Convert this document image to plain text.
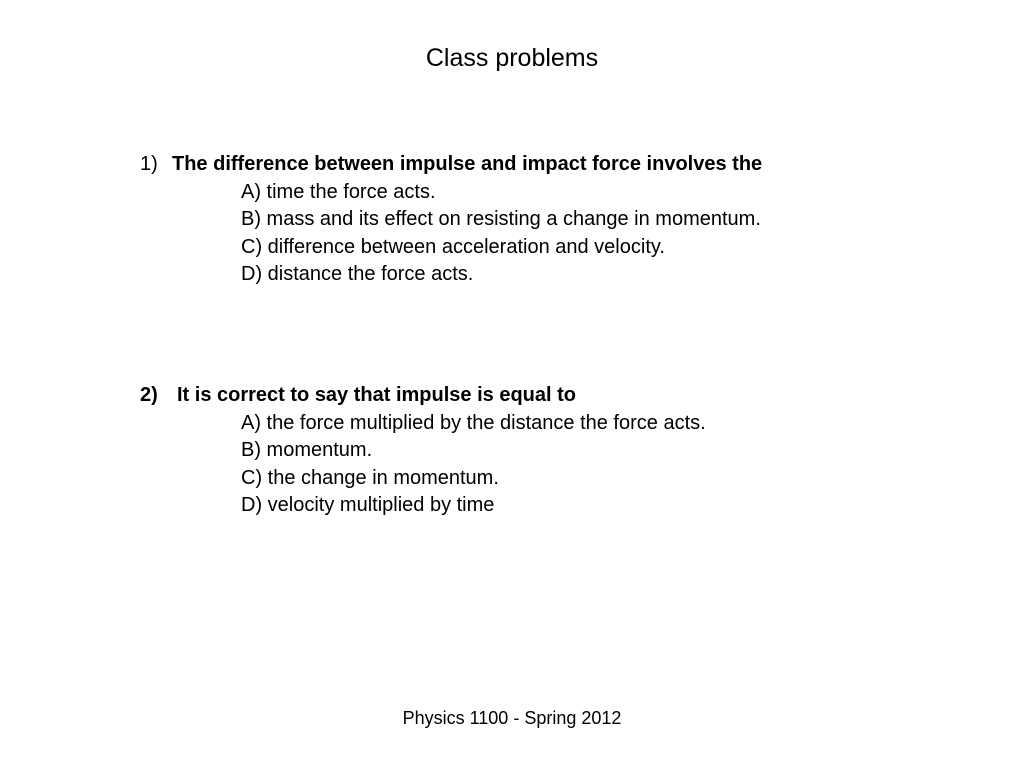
Class problems
1) The difference between impulse and impact force involves the
A) time the force acts.
B) mass and its effect on resisting a change in momentum.
C) difference between acceleration and velocity.
D) distance the force acts.
2) It is correct to say that impulse is equal to
A) the force multiplied by the distance the force acts.
B) momentum.
C) the change in momentum.
D) velocity multiplied by time
Physics 1100 - Spring 2012
